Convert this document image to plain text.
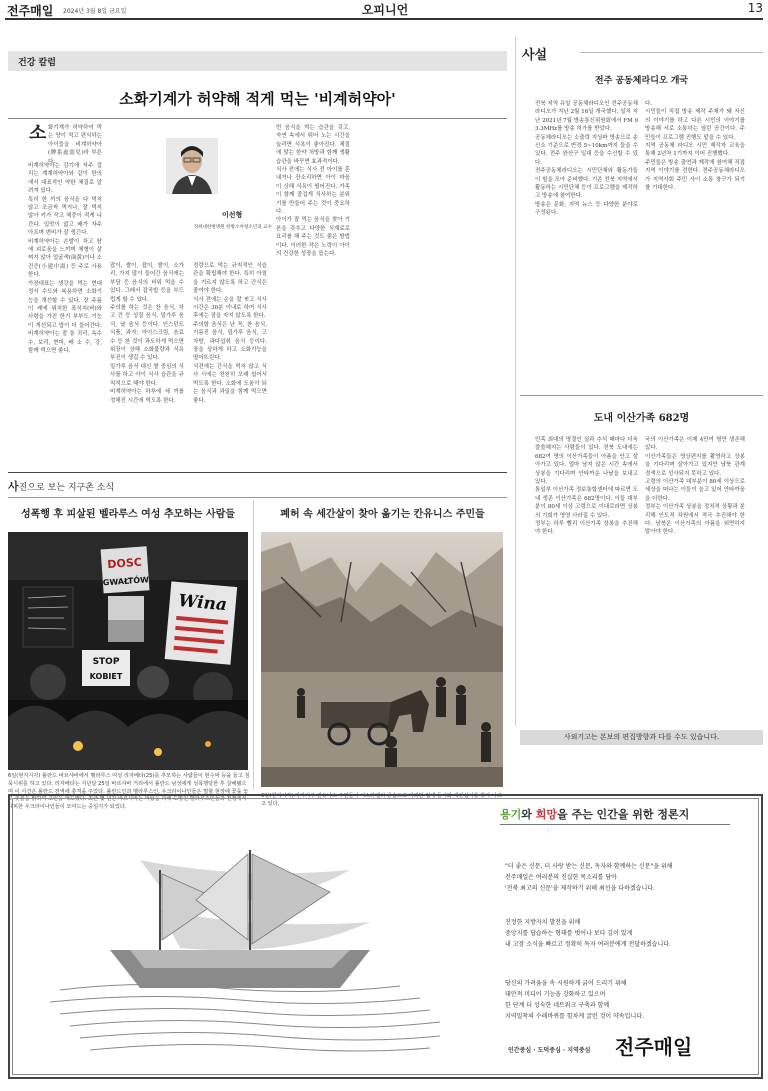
전주매일 2024년 3월 8일 금요일	오피니언	13
건강 칼럼
소화기계가 허약해 적게 먹는 '비계허약아'
소 화기계가 허약하여 먹는 양이 적고 편식하는 아이들을 비계허약아(脾系虛弱兒)라 부른다.
비계허약아는 감기에 자주 걸리는 계계허약아와 같이 한의에서 대표적인 약한 체질로 알려져 있다.
특히 한 끼의 음식을 다 먹지 않고 조금씩 먹거나, 잘 먹지 않아 키가 작고 체중이 적게 나간다. 입맛이 없고 배가 자주 아프며 변비가 잘 생긴다.
비계허약아는 손발이 차고 땀에 괴로움을 느끼며 체형이 살 찌지 않아 얼굴색(面黃)이나 소건증(小建中湯) 등 주로 사용한다.
가장대표는 생강을 먹는 현대 정서 수도와 복용하면 소화기능을 개선할 수 있다. 장 주름 이 레에 위치한 폭식지(비)와 사령을 가진 한기 부부도 기능이 개선되고 밥이 더 들어간다. 비계허약아는 잘 통 귀리, 옥수수, 보리, 현미, 배 소 수, 강, 함께 먹으면 좋다.
잡이, 쌀이, 잡이, 쌀이, 소가리, 가지 많이 들어간 음식에는 부담 등 음식의 비위 먹을 수 있다. 그래서 잡곡밥 등을 부드럽게 할 수 있다.
주의를 하는 것은 찬 음식, 차고 건 등 성질 음식, 밀가루 음식, 날 음식 등이다. 인스턴트 식품, 과자, 아이스크림, 음료수 등 찬 것이 과도하게 먹으면 위장이 상해 소화불량과 식욕부진이 생길 수 있다.
밀가루 음식 대신 쌀 중심의 식사를 하고 아이 식사 습관을 규칙적으로 해야 한다.
비계허약아는 하루에 세 끼를 정해진 시간에 먹도록 한다.
정량으로 먹는 규칙적인 식습관을 확립해야 한다. 특히 아침을 거르지 않도록 하고 간식은 줄여야 한다.
식사 전에는 손을 잘 씻고 식사 시간은 30분 이내로 하여 식사 후에는 잠을 자지 않도록 한다.
주의할 음식은 난 꼭, 찬 음식, 기름진 음식, 밀가루 음식, 고자방, 과다섭취 음식 등이다. 장을 상하게 하고 소화기능을 떨어뜨린다.
식전에는 간식을 먹지 않고 식사 시에는 천천히 오래 씹어서 먹도록 한다. 소화에 도움이 되는 음식과 과일을 함께 먹으면 좋다.
먼 음식을 먹는 습관을 갖고, 자연 속에서 뛰어 노는 시간을 늘리면 식욕이 좋아진다. 체질에 맞는 한약 처방과 함께 생활습관을 바꾸면 효과적이다.
식사 전에는 식사 전 아이를 혼내거나 잔소리하면 아이 마음이 상해 식욕이 떨어진다. 가족이 함께 즐겁게 식사하는 분위기를 만들어 주는 것이 중요하다.
아이가 잘 먹는 음식을 찾아 기본을 갖추고 다양한 식재료로 요리를 해 주는 것도 좋은 방법이다. 이러한 작은 노력이 아이의 건강한 성장을 돕는다.
이선형
경희대한방병원 한방소아청소년과 교수
사진으로 보는 지구촌 소식
성폭행 후 피살된 벨라루스 여성 추모하는 사람들
DOSC
GWAŁTÓW
Wina
STOP
KOBIET
6일(현지시각) 폴란드 바르샤바에서 벨라루스 여성 리자베타(25)를 추모하는 사람들이 현수막 등을 들고 침묵시위를 하고 있다. 리자베타는 지난달 25일 바르샤바 거리에서 폴란드 남성에게 성폭행당한 후 살해됐으며 이 사건은 폴란드 전역에 충격을 주었다. 폴란드인과 벨라루스인, 우크라이나인들은 벌할 현장에 꽃을 놓고 촛불을 밝히며 고인을 애도했다. 최근 몇 년간 바르샤바는 억압을 피해 도망친 벨라루스인들과 전쟁에서 대피한 우크라이나인들이 모여드는 중심지가 되었다.
폐허 속 세간살이 찾아 옮기는 칸유니스 주민들
6일(현지시각) 가자지구 칸유니스 주민들이 이스라엘의 공습으로 파괴된 집에 들어와 세간살이를 찾아 나르고 있다.
사설
전주 공동체라디오 개국
전북 지역 유일 공동체라디오인 전주공동체라디오가 지난 2월 16일 개국했다. 일처 지난 2021년 7월 방송통신위원회에서 FM 93.3MHz를 방송 허가를 받았다.
공동체라디오는 소출력 지상파 방송으로 송신소 기준으로 반경 5~10km까지 들을 수 있다. 전주 완산구 일대 등을 수신할 수 있다.
전주공동체라디오는 시민단체와 활동가들이 힘을 모아 준비했다. 기존 전북 지역에서 활동하는 시민단체 등이 프로그램을 제작하고 방송에 참여한다.
방송은 문화, 지역 뉴스 등 다양한 분야로 구성된다.
다.
시민들이 직접 방송 제작 주체가 돼 자신의 이야기를 하고 다른 시민의 이야기를 방송해 서로 소통하는 열린 공간이다. 주민들이 프로그램 진행도 맡을 수 있다.
지역 공동체 라디오 시민 제작자 교육을 통해 2년차 1기까지 이어 진행했다.
주민들은 방송 출연과 제작에 참여해 직접 지역 이야기를 전한다. 전주공동체라디오가 지역사회 주민 사이 소통 창구가 되기를 기대한다.
도내 이산가족 682명
민족 최대의 명절인 설과 추석 때마다 더욱 쓸쓸해지는 사람들이 있다. 전북 도내에는 682여 명의 이산가족들이 아픔을 안고 살아가고 있다. 얼마 남지 않은 시간 속에서 상봉을 기다리며 안타까운 나날을 보내고 있다.
통일부 이산가족 정보통합센터에 따르면 도내 생존 이산가족은 682명이다. 이들 대부분이 80세 이상 고령으로 이대로라면 상봉의 기회가 영영 사라질 수 있다.
정부는 하루 빨리 이산가족 상봉을 추진해야 한다.
국의 이산가족은 이제 4만여 명만 생존해 있다.
이산가족들은 영상편지를 촬영하고 상봉을 기다리며 살아가고 있지만 남북 관계 경색으로 성사되지 못하고 있다.
고령의 이산가족 대부분이 80세 이상으로 세상을 떠나는 이들이 늘고 있어 안타까움을 더한다.
정부는 이산가족 상봉을 정치적 상황과 분리해 인도적 차원에서 적극 추진해야 한다. 남북은 이산가족의 아픔을 외면하지 말아야 한다.
사외기고는 본보의 편집방향과 다를 수도 있습니다.
용기와 희망을 주는 인간을 위한 정론지
"더 좋은 신문, 더 사랑 받는 신문, 독자와 함께하는 신문"을 위해
전주매일은 여러분의 진실한 목소리를 담아
'전북 최고의 신문'을 제작하기 위해 최선을 다하겠습니다.
진정한 지방자치 발전을 위해
중앙지를 답습하는 형태를 벗어나 보다 깊이 있게
내 고장 소식을 빠르고 정확히 독자 여러분에게 전달하겠습니다.
당신의 가려움을 속 시원하게 긁어 드리기 위해
대안적 미디어 기능을 강화하고 있으며
한 단계 더 성숙한 네트워크 구축과 함께
지역밀착의 수레바퀴를 힘차게 굴린 것이 약속입니다.
인간중심 · 도덕중심 · 지역중심 전주매일
